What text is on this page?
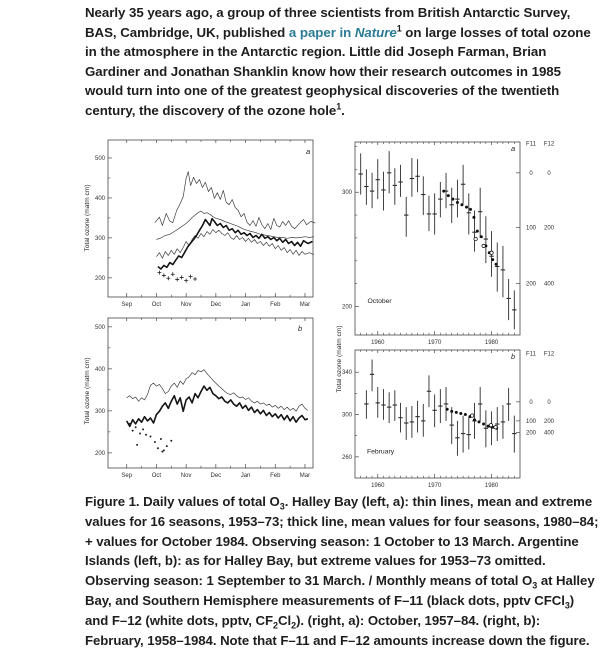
Nearly 35 years ago, a group of three scientists from British Antarctic Survey, BAS, Cambridge, UK, published a paper in Nature$^1$ on large losses of total ozone in the atmosphere in the Antarctic region. Little did Joseph Farman, Brian Gardiner and Jonathan Shanklin know how their research outcomes in 1985 would turn into one of the greatest geophysical discoveries of the twentieth century, the discovery of the ozone hole$^1$.

Sep	Oct	Nov	Dec	Jan	Feb	Mar
200
300
400
500
a
Total ozone (matm cm)
Sep	Oct	Nov	Dec	Jan	Feb	Mar
200
300
400
500	b
Total ozone (matm cm)
1960	1970	1980
200
300
October
a
Total ozone (matm cm)
F11 F12
0 0
100 200
200 400
1960	1970	1980
260
300
340
February
b F11 F12
0 0
100 200
200 400

Figure 1. Daily values of total $O_3$. Halley Bay (left, a): thin lines, mean and extreme values for 16 seasons, 1953–73; thick line, mean values for four seasons, 1980–84; + values for October 1984. Observing season: 1 October to 13 March. Argentine Islands (left, b): as for Halley Bay, but extreme values for 1953–73 omitted. Observing season: 1 September to 31 March. / Monthly means of total $O_3$ at Halley Bay, and Southern Hemisphere measurements of F–11 (black dots, pptv CFCl$_3$) and F–12 (white dots, pptv, $CF_2Cl_2$). (right, a): October, 1957–84. (right, b): February, 1958–1984. Note that F–11 and F–12 amounts increase down the figure.
